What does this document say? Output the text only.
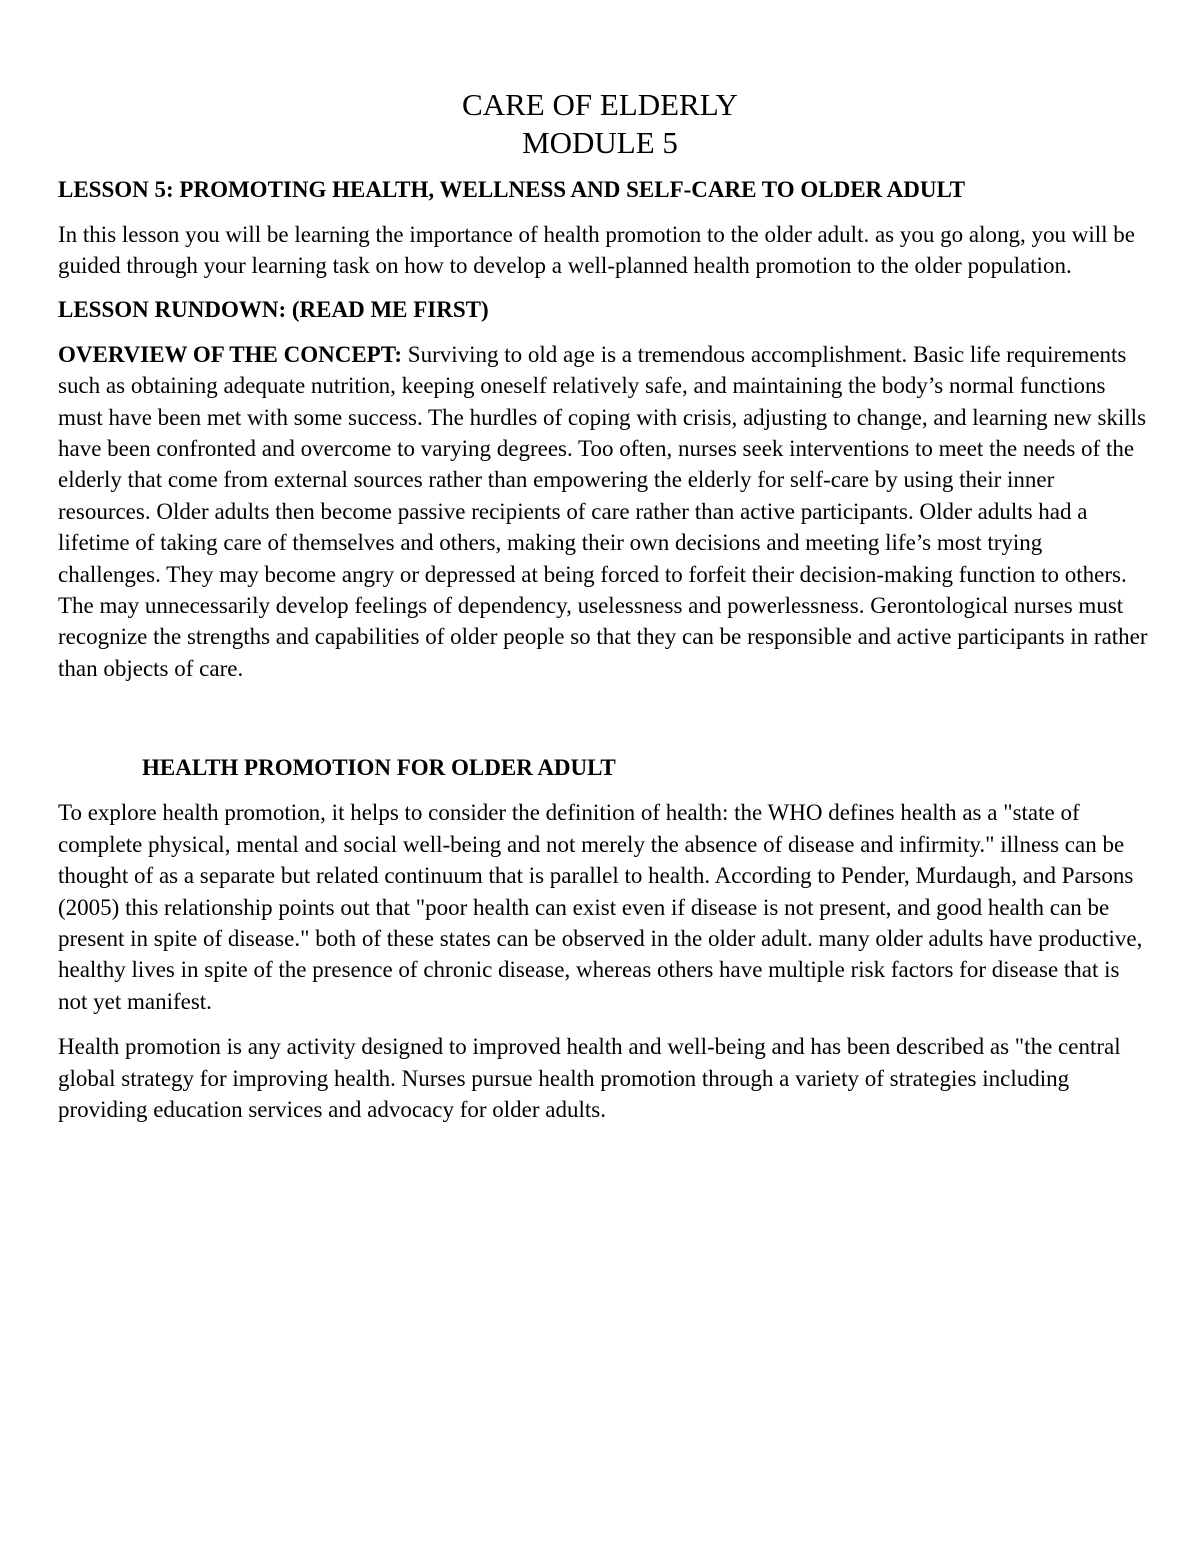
CARE OF ELDERLY
MODULE 5

LESSON 5: PROMOTING HEALTH, WELLNESS AND SELF-CARE TO OLDER ADULT

In this lesson you will be learning the importance of health promotion to the older adult. as you go along, you will be guided through your learning task on how to develop a well-planned health promotion to the older population.

LESSON RUNDOWN: (READ ME FIRST)

OVERVIEW OF THE CONCEPT: Surviving to old age is a tremendous accomplishment. Basic life requirements such as obtaining adequate nutrition, keeping oneself relatively safe, and maintaining the body’s normal functions must have been met with some success. The hurdles of coping with crisis, adjusting to change, and learning new skills have been confronted and overcome to varying degrees. Too often, nurses seek interventions to meet the needs of the elderly that come from external sources rather than empowering the elderly for self-care by using their inner resources. Older adults then become passive recipients of care rather than active participants. Older adults had a lifetime of taking care of themselves and others, making their own decisions and meeting life’s most trying challenges. They may become angry or depressed at being forced to forfeit their decision-making function to others. The may unnecessarily develop feelings of dependency, uselessness and powerlessness. Gerontological nurses must recognize the strengths and capabilities of older people so that they can be responsible and active participants in rather than objects of care.

HEALTH PROMOTION FOR OLDER ADULT

To explore health promotion, it helps to consider the definition of health: the WHO defines health as a "state of complete physical, mental and social well-being and not merely the absence of disease and infirmity." illness can be thought of as a separate but related continuum that is parallel to health. According to Pender, Murdaugh, and Parsons (2005) this relationship points out that "poor health can exist even if disease is not present, and good health can be present in spite of disease." both of these states can be observed in the older adult. many older adults have productive, healthy lives in spite of the presence of chronic disease, whereas others have multiple risk factors for disease that is not yet manifest.

Health promotion is any activity designed to improved health and well-being and has been described as "the central global strategy for improving health. Nurses pursue health promotion through a variety of strategies including providing education services and advocacy for older adults.
